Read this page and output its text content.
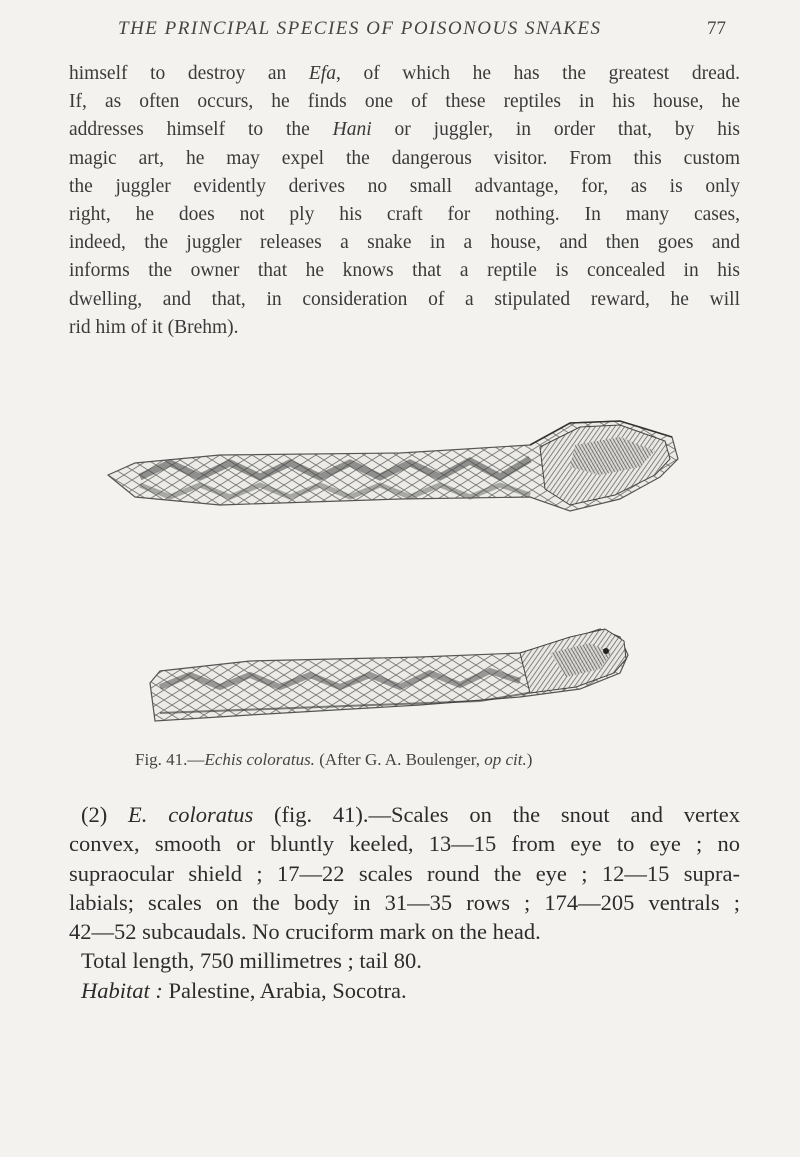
THE PRINCIPAL SPECIES OF POISONOUS SNAKES	77

himself to destroy an Efa, of which he has the greatest dread.
If, as often occurs, he finds one of these reptiles in his house, he
addresses himself to the Hani or juggler, in order that, by his
magic art, he may expel the dangerous visitor. From this custom
the juggler evidently derives no small advantage, for, as is only
right, he does not ply his craft for nothing. In many cases,
indeed, the juggler releases a snake in a house, and then goes and
informs the owner that he knows that a reptile is concealed in his
dwelling, and that, in consideration of a stipulated reward, he will
rid him of it (Brehm).

Fig. 41.—Echis coloratus. (After G. A. Boulenger, op cit.)

(2) E. coloratus (fig. 41).—Scales on the snout and vertex
convex, smooth or bluntly keeled, 13—15 from eye to eye ; no
supraocular shield ; 17—22 scales round the eye ; 12—15 supra-
labials; scales on the body in 31—35 rows ; 174—205 ventrals ;
42—52 subcaudals. No cruciform mark on the head.
Total length, 750 millimetres ; tail 80.
Habitat : Palestine, Arabia, Socotra.
